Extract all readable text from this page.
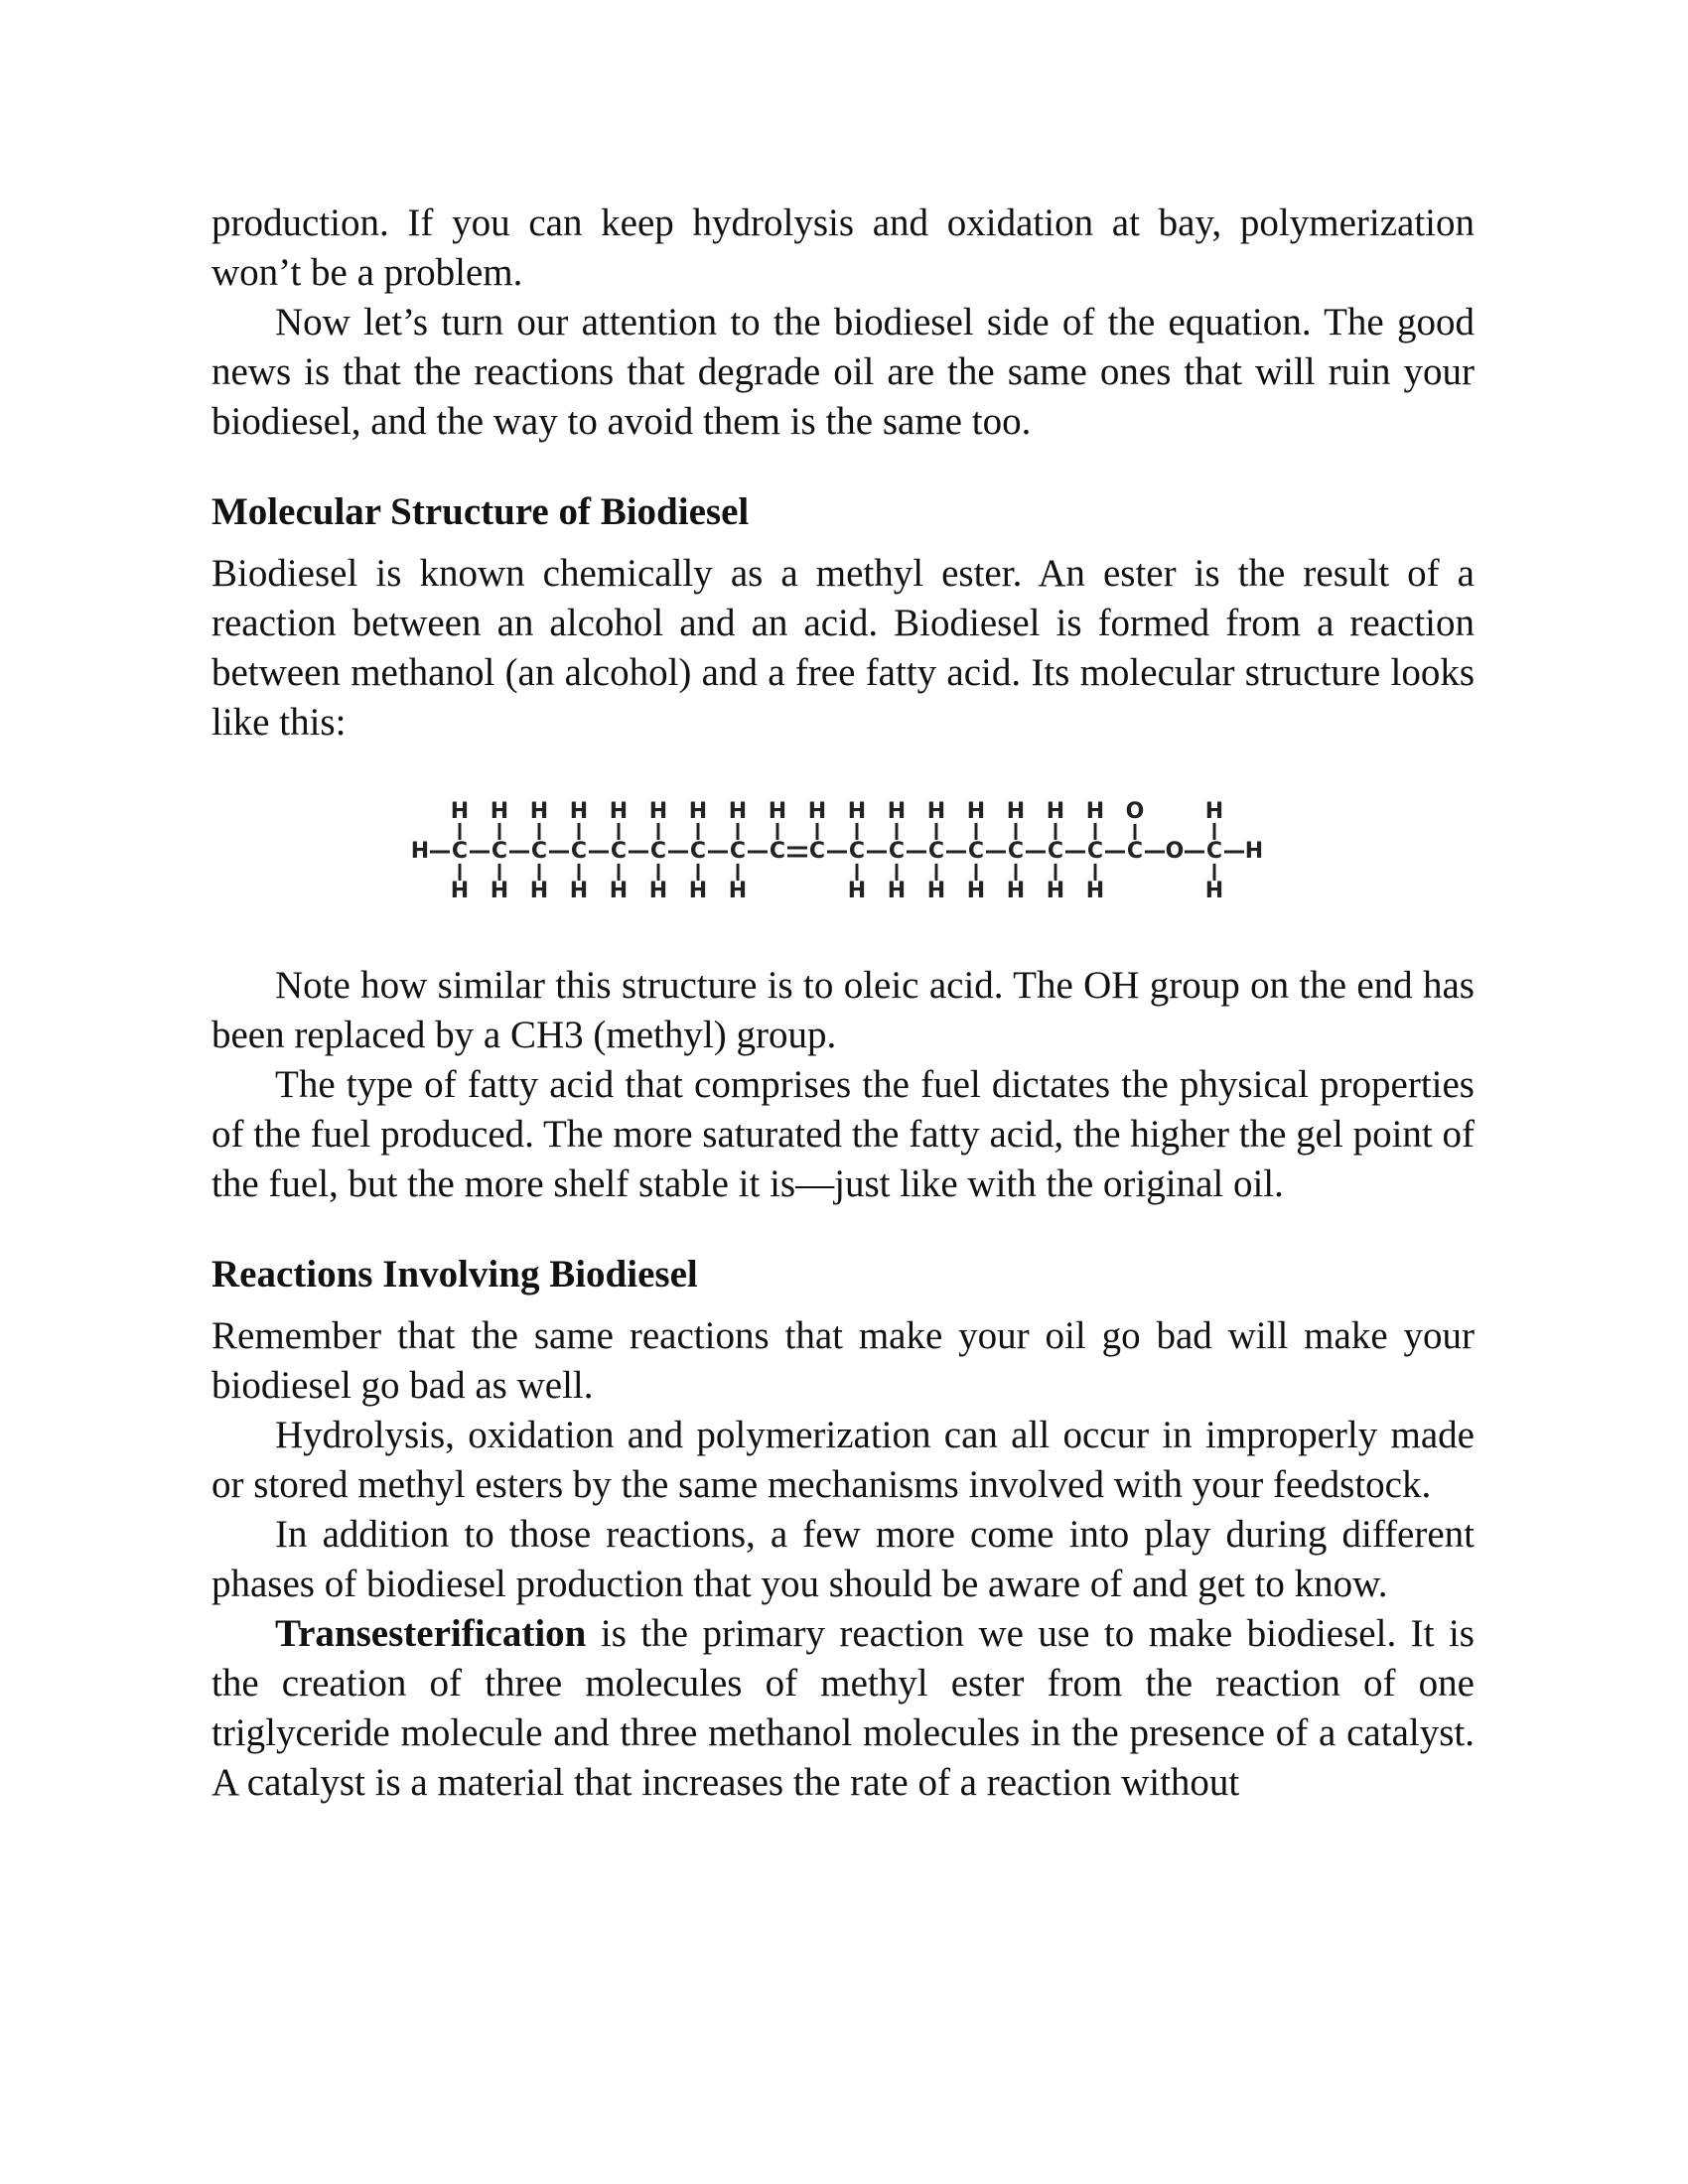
production. If you can keep hydrolysis and oxidation at bay, polymerization won’t be a problem.

Now let’s turn our attention to the biodiesel side of the equation. The good news is that the reactions that degrade oil are the same ones that will ruin your biodiesel, and the way to avoid them is the same too.

Molecular Structure of Biodiesel

Biodiesel is known chemically as a methyl ester. An ester is the result of a reaction between an alcohol and an acid. Biodiesel is formed from a reaction between methanol (an alcohol) and a free fatty acid. Its molecular structure looks like this:

H C
H
H
C
H
H
C
H
H
C
H
H
C
H
H
C
H
H
C
H
H
C
H
H
C
H
C
H
C
H
H
C
H
H
C
H
H
C
H
H
C
H
H
C
H
H
C
H
H
C
O
O C
H
H
H

Note how similar this structure is to oleic acid. The OH group on the end has been replaced by a CH3 (methyl) group.

The type of fatty acid that comprises the fuel dictates the physical properties of the fuel produced. The more saturated the fatty acid, the higher the gel point of the fuel, but the more shelf stable it is—just like with the original oil.

Reactions Involving Biodiesel

Remember that the same reactions that make your oil go bad will make your biodiesel go bad as well.

Hydrolysis, oxidation and polymerization can all occur in improperly made or stored methyl esters by the same mechanisms involved with your feedstock.

In addition to those reactions, a few more come into play during different phases of biodiesel production that you should be aware of and get to know.

Transesterification is the primary reaction we use to make biodiesel. It is the creation of three molecules of methyl ester from the reaction of one triglyceride molecule and three methanol molecules in the presence of a catalyst. A catalyst is a material that increases the rate of a reaction without
